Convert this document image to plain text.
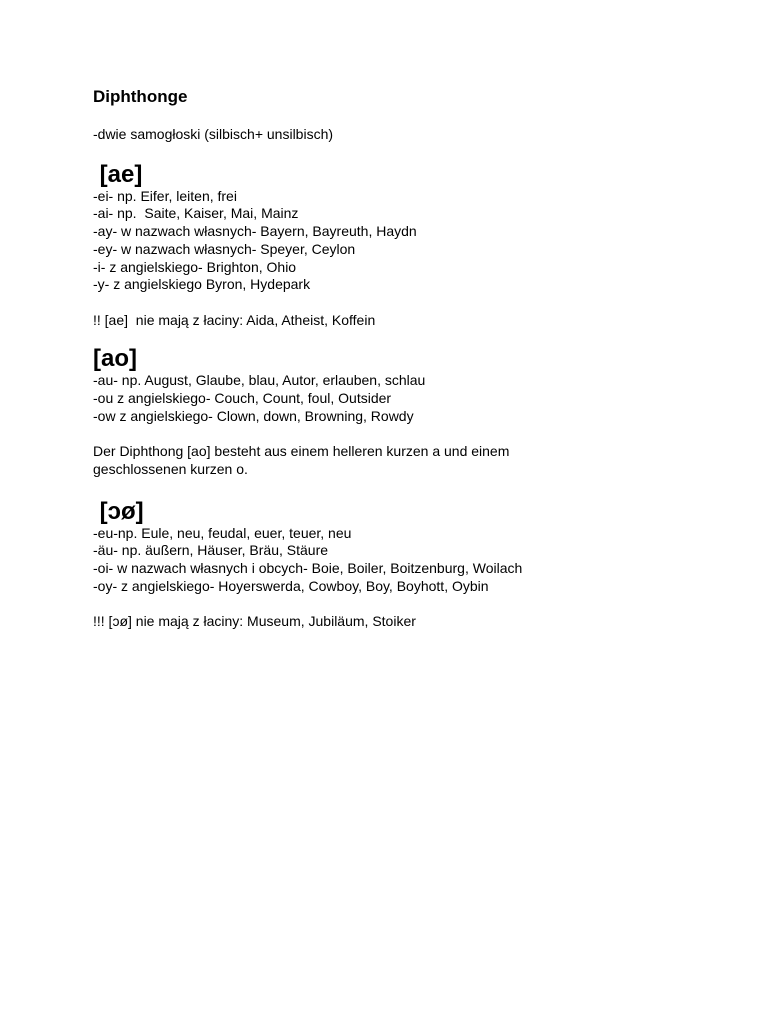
Diphthonge

-dwie samogłoski (silbisch+ unsilbisch)

[ae]

-ei- np. Eifer, leiten, frei

-ai- np.  Saite, Kaiser, Mai, Mainz

-ay- w nazwach własnych- Bayern, Bayreuth, Haydn

-ey- w nazwach własnych- Speyer, Ceylon

-i- z angielskiego- Brighton, Ohio

-y- z angielskiego Byron, Hydepark

!! [ae]  nie mają z łaciny: Aida, Atheist, Koffein

[ao]

-au- np. August, Glaube, blau, Autor, erlauben, schlau

-ou z angielskiego- Couch, Count, foul, Outsider

-ow z angielskiego- Clown, down, Browning, Rowdy

Der Diphthong [ao] besteht aus einem helleren kurzen a und einem

geschlossenen kurzen o.

[ɔø]

-eu-np. Eule, neu, feudal, euer, teuer, neu

-äu- np. äußern, Häuser, Bräu, Stäure

-oi- w nazwach własnych i obcych- Boie, Boiler, Boitzenburg, Woilach

-oy- z angielskiego- Hoyerswerda, Cowboy, Boy, Boyhott, Oybin

!!! [ɔø] nie mają z łaciny: Museum, Jubiläum, Stoiker
